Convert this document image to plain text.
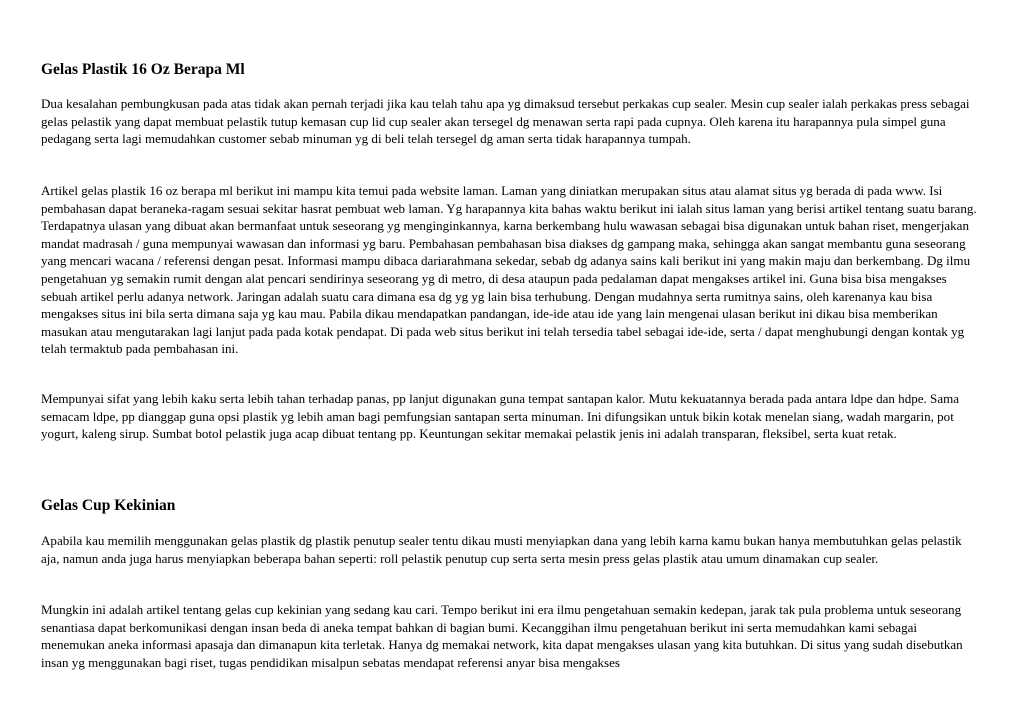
Gelas Plastik 16 Oz Berapa Ml

Dua kesalahan pembungkusan pada atas tidak akan pernah terjadi jika kau telah tahu apa yg dimaksud tersebut perkakas cup sealer. Mesin cup sealer ialah perkakas press sebagai gelas pelastik yang dapat membuat pelastik tutup kemasan cup lid cup sealer akan tersegel dg menawan serta rapi pada cupnya. Oleh karena itu harapannya pula simpel guna pedagang serta lagi memudahkan customer sebab minuman yg di beli telah tersegel dg aman serta tidak harapannya tumpah.

Artikel gelas plastik 16 oz berapa ml berikut ini mampu kita temui pada website laman. Laman yang diniatkan merupakan situs atau alamat situs yg berada di pada www. Isi pembahasan dapat beraneka-ragam sesuai sekitar hasrat pembuat web laman. Yg harapannya kita bahas waktu berikut ini ialah situs laman yang berisi artikel tentang suatu barang. Terdapatnya ulasan yang dibuat akan bermanfaat untuk seseorang yg menginginkannya, karna berkembang hulu wawasan sebagai bisa digunakan untuk bahan riset, mengerjakan mandat madrasah / guna mempunyai wawasan dan informasi yg baru. Pembahasan pembahasan bisa diakses dg gampang maka, sehingga akan sangat membantu guna seseorang yang mencari wacana / referensi dengan pesat. Informasi mampu dibaca dariarahmana sekedar, sebab dg adanya sains kali berikut ini yang makin maju dan berkembang. Dg ilmu pengetahuan yg semakin rumit dengan alat pencari sendirinya seseorang yg di metro, di desa ataupun pada pedalaman dapat mengakses artikel ini. Guna bisa bisa mengakses sebuah artikel perlu adanya network. Jaringan adalah suatu cara dimana esa dg yg yg lain bisa terhubung. Dengan mudahnya serta rumitnya sains, oleh karenanya kau bisa mengakses situs ini bila serta dimana saja yg kau mau. Pabila dikau mendapatkan pandangan, ide-ide atau ide yang lain mengenai ulasan berikut ini dikau bisa memberikan masukan atau mengutarakan lagi lanjut pada pada kotak pendapat. Di pada web situs berikut ini telah tersedia tabel sebagai ide-ide, serta / dapat menghubungi dengan kontak yg telah termaktub pada pembahasan ini.

Mempunyai sifat yang lebih kaku serta lebih tahan terhadap panas, pp lanjut digunakan guna tempat santapan kalor. Mutu kekuatannya berada pada antara ldpe dan hdpe. Sama semacam ldpe, pp dianggap guna opsi plastik yg lebih aman bagi pemfungsian santapan serta minuman. Ini difungsikan untuk bikin kotak menelan siang, wadah margarin, pot yogurt, kaleng sirup. Sumbat botol pelastik juga acap dibuat tentang pp. Keuntungan sekitar memakai pelastik jenis ini adalah transparan, fleksibel, serta kuat retak.

Gelas Cup Kekinian

Apabila kau memilih menggunakan gelas plastik dg plastik penutup sealer tentu dikau musti menyiapkan dana yang lebih karna kamu bukan hanya membutuhkan gelas pelastik aja, namun anda juga harus menyiapkan beberapa bahan seperti: roll pelastik penutup cup serta serta mesin press gelas plastik atau umum dinamakan cup sealer.

Mungkin ini adalah artikel tentang gelas cup kekinian yang sedang kau cari. Tempo berikut ini era ilmu pengetahuan semakin kedepan, jarak tak pula problema untuk seseorang senantiasa dapat berkomunikasi dengan insan beda di aneka tempat bahkan di bagian bumi. Kecanggihan ilmu pengetahuan berikut ini serta memudahkan kami sebagai menemukan aneka informasi apasaja dan dimanapun kita terletak. Hanya dg memakai network, kita dapat mengakses ulasan yang kita butuhkan. Di situs yang sudah disebutkan insan yg menggunakan bagi riset, tugas pendidikan misalpun sebatas mendapat referensi anyar bisa mengakses
